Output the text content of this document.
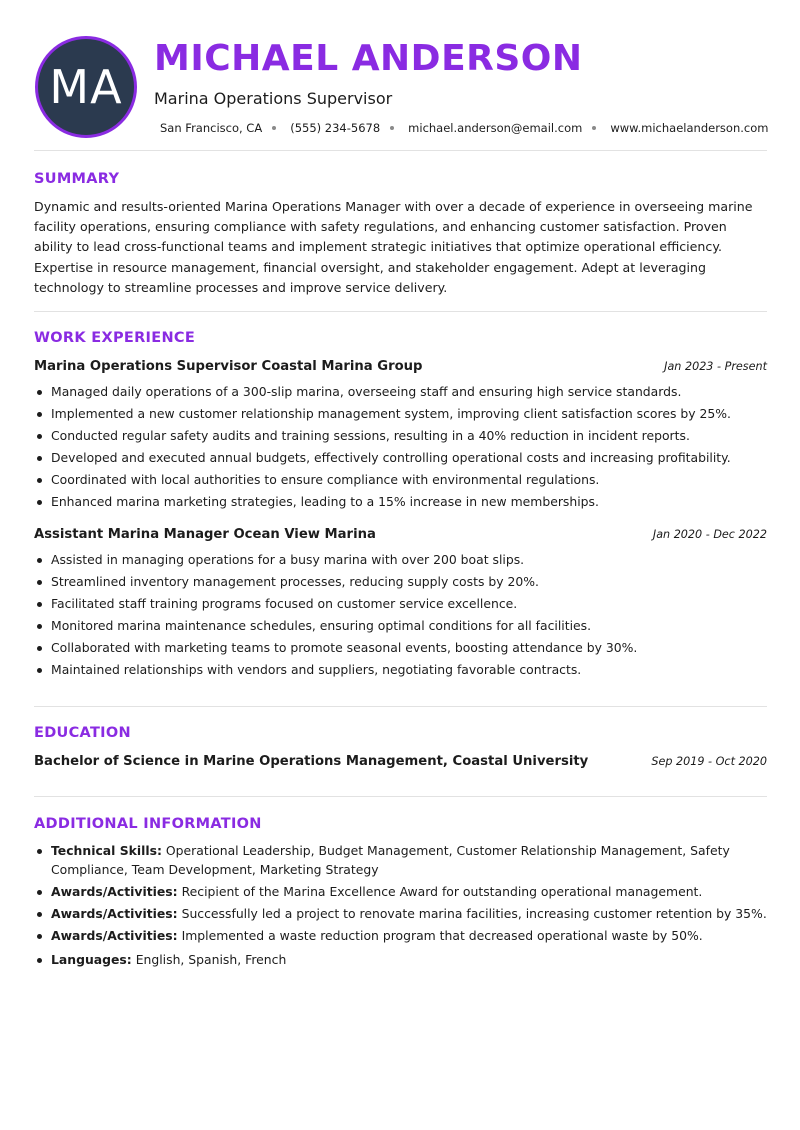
MA
MICHAEL ANDERSON
Marina Operations Supervisor
San Francisco, CA (555) 234-5678 michael.anderson@email.com www.michaelanderson.com
SUMMARY
Dynamic and results-oriented Marina Operations Manager with over a decade of experience in overseeing marine facility operations, ensuring compliance with safety regulations, and enhancing customer satisfaction. Proven ability to lead cross-functional teams and implement strategic initiatives that optimize operational efficiency. Expertise in resource management, financial oversight, and stakeholder engagement. Adept at leveraging technology to streamline processes and improve service delivery.
WORK EXPERIENCE
Marina Operations Supervisor Coastal Marina Group	Jan 2023 - Present
Managed daily operations of a 300-slip marina, overseeing staff and ensuring high service standards.
Implemented a new customer relationship management system, improving client satisfaction scores by 25%.
Conducted regular safety audits and training sessions, resulting in a 40% reduction in incident reports.
Developed and executed annual budgets, effectively controlling operational costs and increasing profitability.
Coordinated with local authorities to ensure compliance with environmental regulations.
Enhanced marina marketing strategies, leading to a 15% increase in new memberships.
Assistant Marina Manager Ocean View Marina	Jan 2020 - Dec 2022
Assisted in managing operations for a busy marina with over 200 boat slips.
Streamlined inventory management processes, reducing supply costs by 20%.
Facilitated staff training programs focused on customer service excellence.
Monitored marina maintenance schedules, ensuring optimal conditions for all facilities.
Collaborated with marketing teams to promote seasonal events, boosting attendance by 30%.
Maintained relationships with vendors and suppliers, negotiating favorable contracts.
EDUCATION
Bachelor of Science in Marine Operations Management, Coastal University	Sep 2019 - Oct 2020
ADDITIONAL INFORMATION
Technical Skills: Operational Leadership, Budget Management, Customer Relationship Management, Safety Compliance, Team Development, Marketing Strategy
Awards/Activities: Recipient of the Marina Excellence Award for outstanding operational management.
Awards/Activities: Successfully led a project to renovate marina facilities, increasing customer retention by 35%.
Awards/Activities: Implemented a waste reduction program that decreased operational waste by 50%.
Languages: English, Spanish, French
